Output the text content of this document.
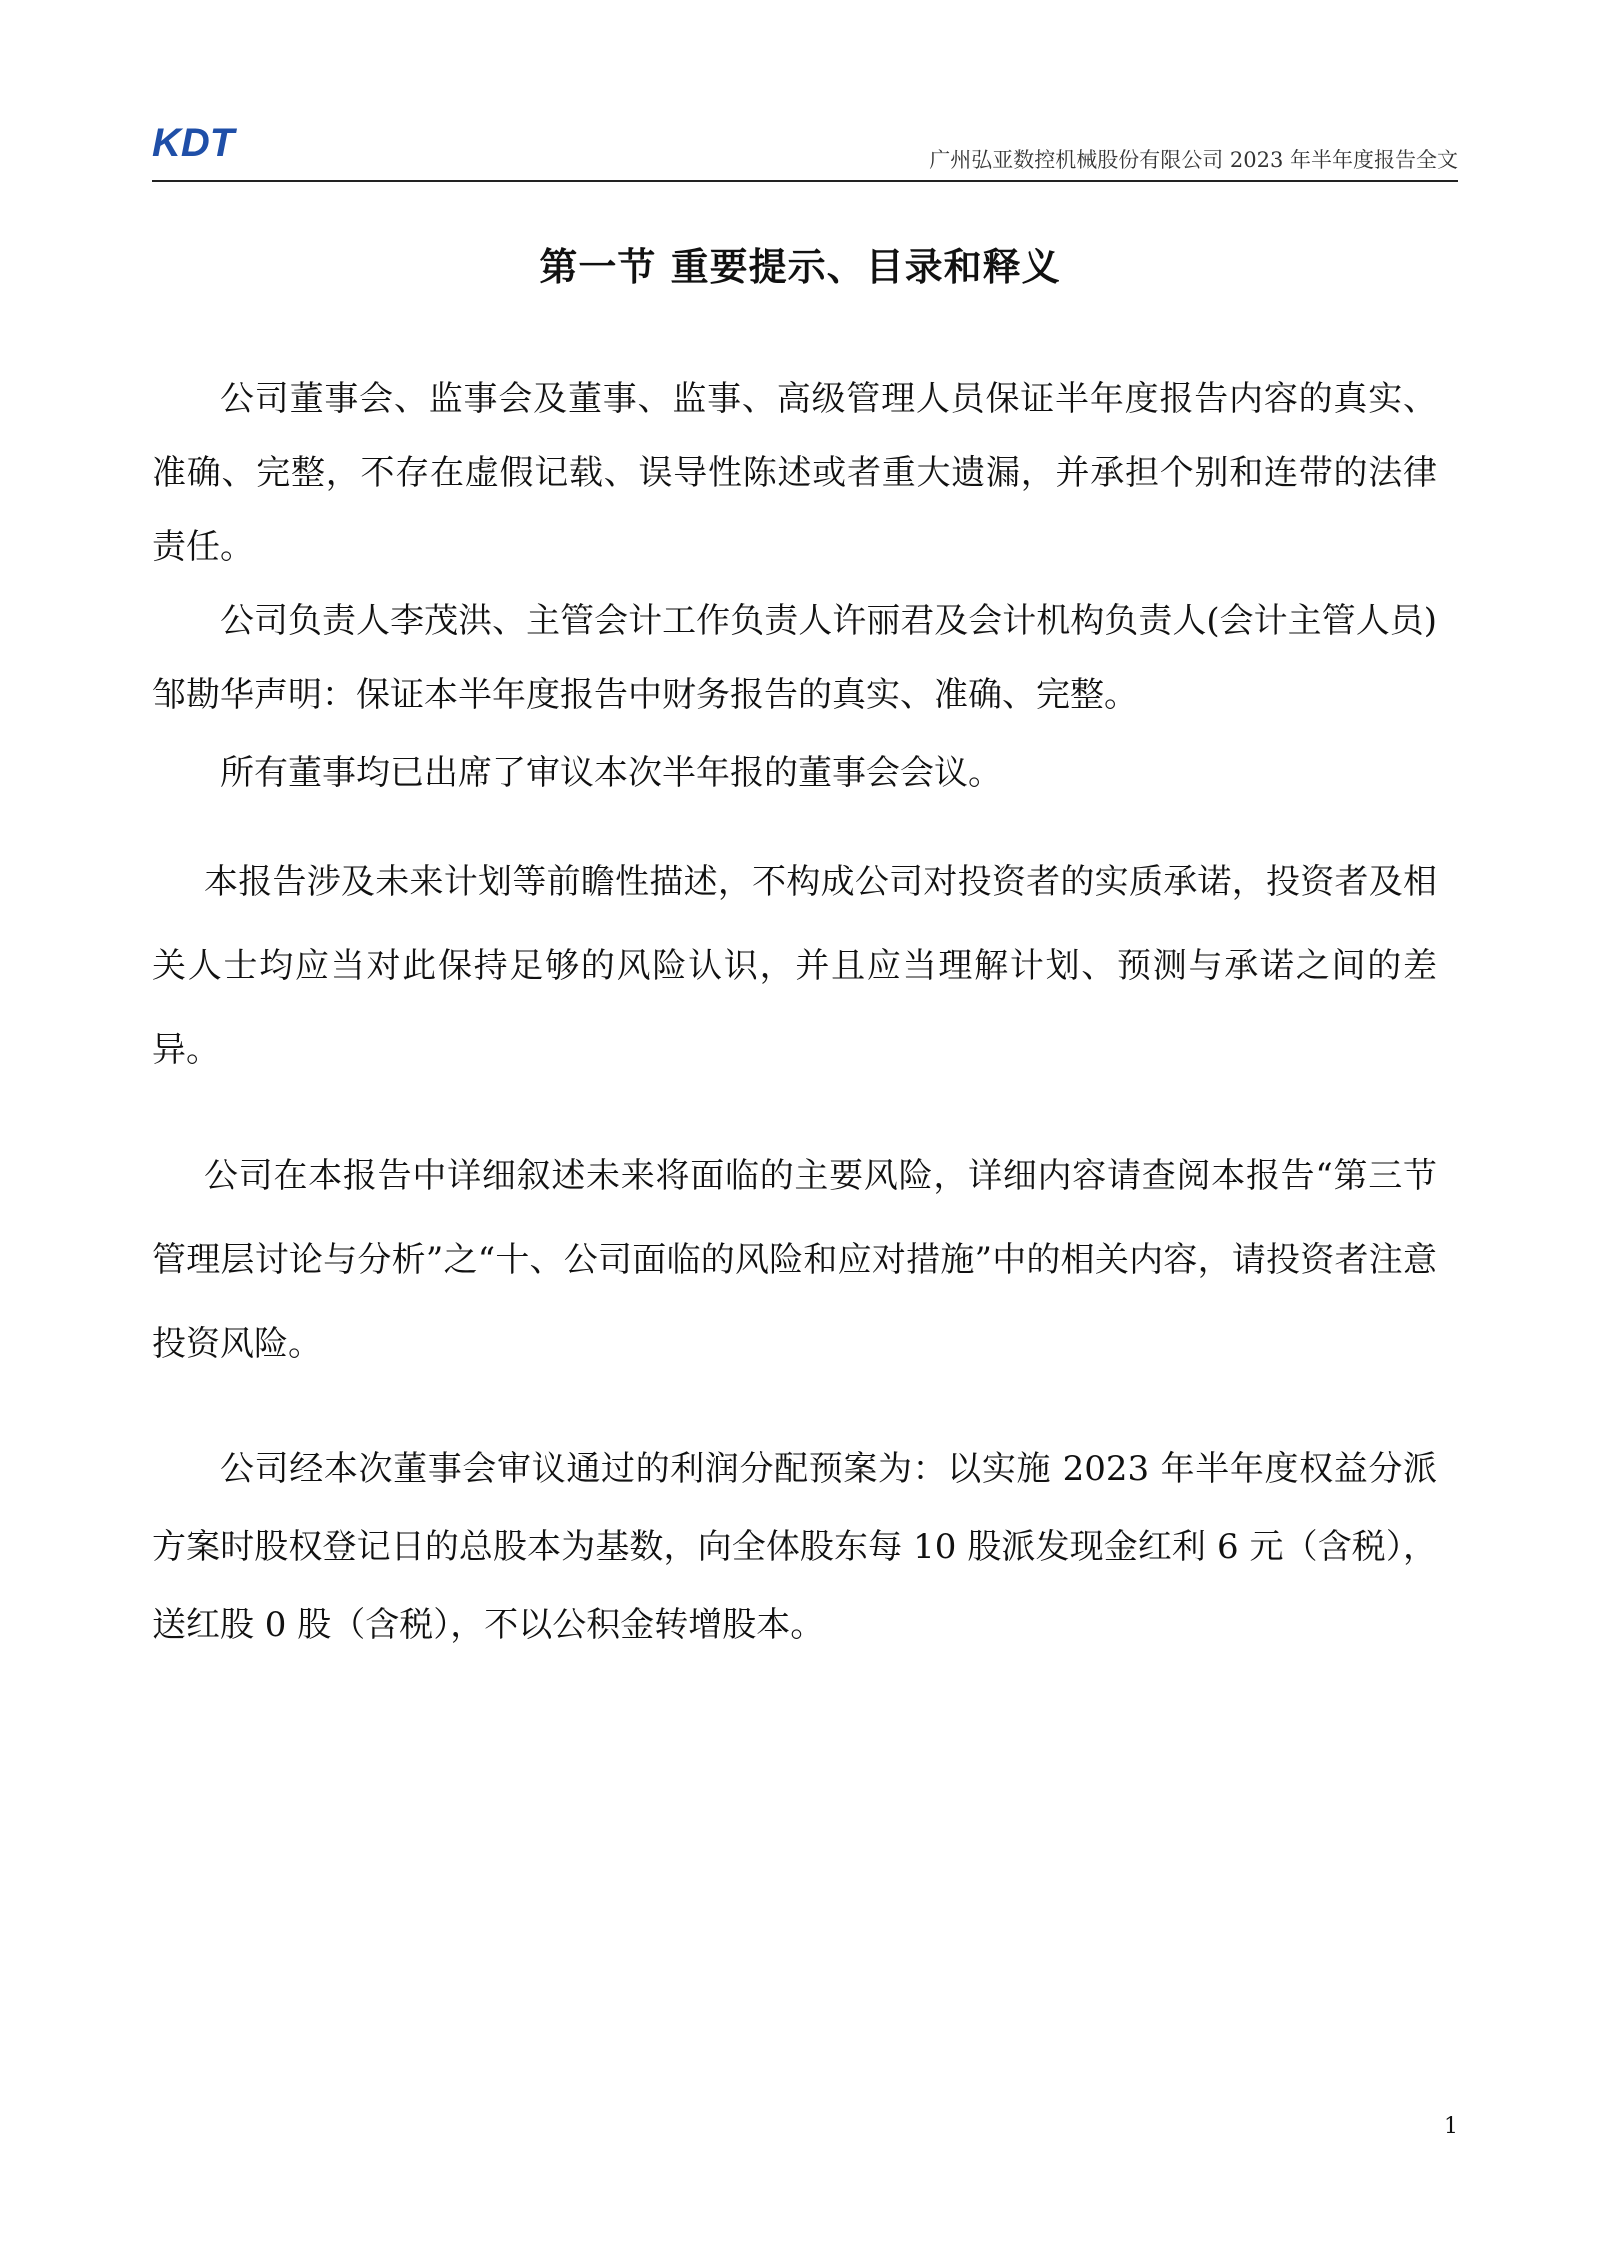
KDT	广州弘亚数控机械股份有限公司 2023 年半年度报告全文
第一节 重要提示、目录和释义
公司董事会、监事会及董事、监事、高级管理人员保证半年度报告内容的真实、准确、完整，不存在虚假记载、误导性陈述或者重大遗漏，并承担个别和连带的法律责任。
公司负责人李茂洪、主管会计工作负责人许丽君及会计机构负责人(会计主管人员)邹勘华声明：保证本半年度报告中财务报告的真实、准确、完整。
所有董事均已出席了审议本次半年报的董事会会议。
本报告涉及未来计划等前瞻性描述，不构成公司对投资者的实质承诺，投资者及相关人士均应当对此保持足够的风险认识，并且应当理解计划、预测与承诺之间的差异。
公司在本报告中详细叙述未来将面临的主要风险，详细内容请查阅本报告“第三节 管理层讨论与分析”之“十、公司面临的风险和应对措施”中的相关内容，请投资者注意投资风险。
公司经本次董事会审议通过的利润分配预案为：以实施 2023 年半年度权益分派方案时股权登记日的总股本为基数，向全体股东每 10 股派发现金红利 6 元（含税），送红股 0 股（含税），不以公积金转增股本。
1
